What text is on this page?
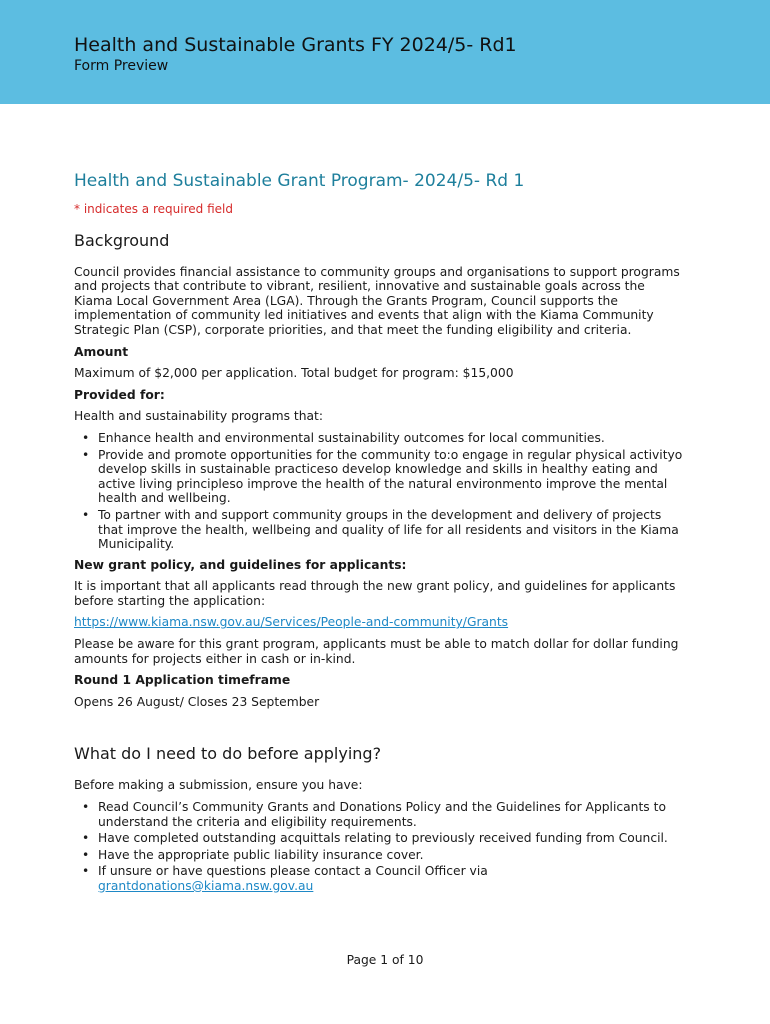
Health and Sustainable Grants FY 2024/5- Rd1
Form Preview
Health and Sustainable Grant Program- 2024/5- Rd 1
* indicates a required field
Background

Council provides financial assistance to community groups and organisations to support programs and projects that contribute to vibrant, resilient, innovative and sustainable goals across the Kiama Local Government Area (LGA). Through the Grants Program, Council supports the implementation of community led initiatives and events that align with the Kiama Community Strategic Plan (CSP), corporate priorities, and that meet the funding eligibility and criteria.

Amount

Maximum of $2,000 per application. Total budget for program: $15,000

Provided for:

Health and sustainability programs that:

• Enhance health and environmental sustainability outcomes for local communities.
• Provide and promote opportunities for the community to:o engage in regular physical activityo develop skills in sustainable practiceso develop knowledge and skills in healthy eating and active living principleso improve the health of the natural environmento improve the mental health and wellbeing.
• To partner with and support community groups in the development and delivery of projects that improve the health, wellbeing and quality of life for all residents and visitors in the Kiama Municipality.
New grant policy, and guidelines for applicants:

It is important that all applicants read through the new grant policy, and guidelines for applicants before starting the application:

https://www.kiama.nsw.gov.au/Services/People-and-community/Grants

Please be aware for this grant program, applicants must be able to match dollar for dollar funding amounts for projects either in cash or in-kind.

Round 1 Application timeframe

Opens 26 August/ Closes 23 September

What do I need to do before applying?

Before making a submission, ensure you have:

• Read Council’s Community Grants and Donations Policy and the Guidelines for Applicants to understand the criteria and eligibility requirements.
• Have completed outstanding acquittals relating to previously received funding from Council.
• Have the appropriate public liability insurance cover.
• If unsure or have questions please contact a Council Officer via
grantdonations@kiama.nsw.gov.au
Page 1 of 10
